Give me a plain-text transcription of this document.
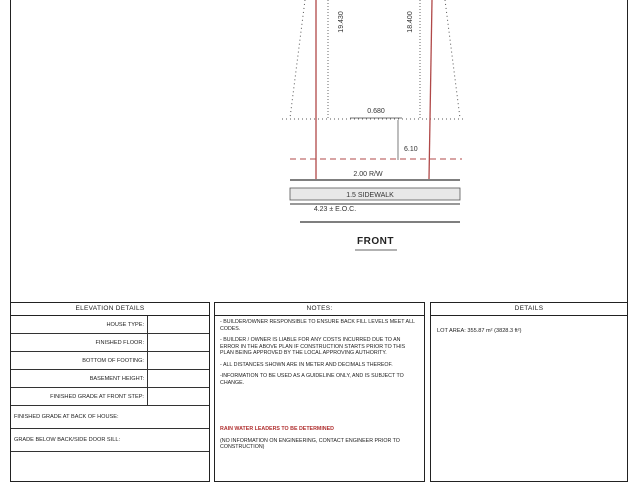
19.430	18.400
0.680
6.10
2.00 R/W
1.5 SIDEWALK
4.23 ± E.O.C.
FRONT
ELEVATION DETAILS
HOUSE TYPE:	
FINISHED FLOOR:	
BOTTOM OF FOOTING:	
BASEMENT HEIGHT:	
FINISHED GRADE AT FRONT STEP:	
FINISHED GRADE AT BACK OF HOUSE:	
GRADE BELOW BACK/SIDE DOOR SILL:	
NOTES:

- BUILDER/OWNER RESPONSIBLE TO ENSURE BACK FILL LEVELS MEET ALL CODES.

- BUILDER / OWNER IS LIABLE FOR ANY COSTS INCURRED DUE TO AN ERROR IN THE ABOVE PLAN IF CONSTRUCTION STARTS PRIOR TO THIS PLAN BEING APPROVED BY THE LOCAL APPROVING AUTHORITY.

- ALL DISTANCES SHOWN ARE IN METER AND DECIMALS THEREOF.

-INFORMATION TO BE USED AS A GUIDELINE ONLY, AND IS SUBJECT TO CHANGE.

RAIN WATER LEADERS TO BE DETERMINED

(NO INFORMATION ON ENGINEERING, CONTACT ENGINEER PRIOR TO CONSTRUCTION)

DETAILS
LOT AREA: 355.87 m² (3828.3 ft²)
